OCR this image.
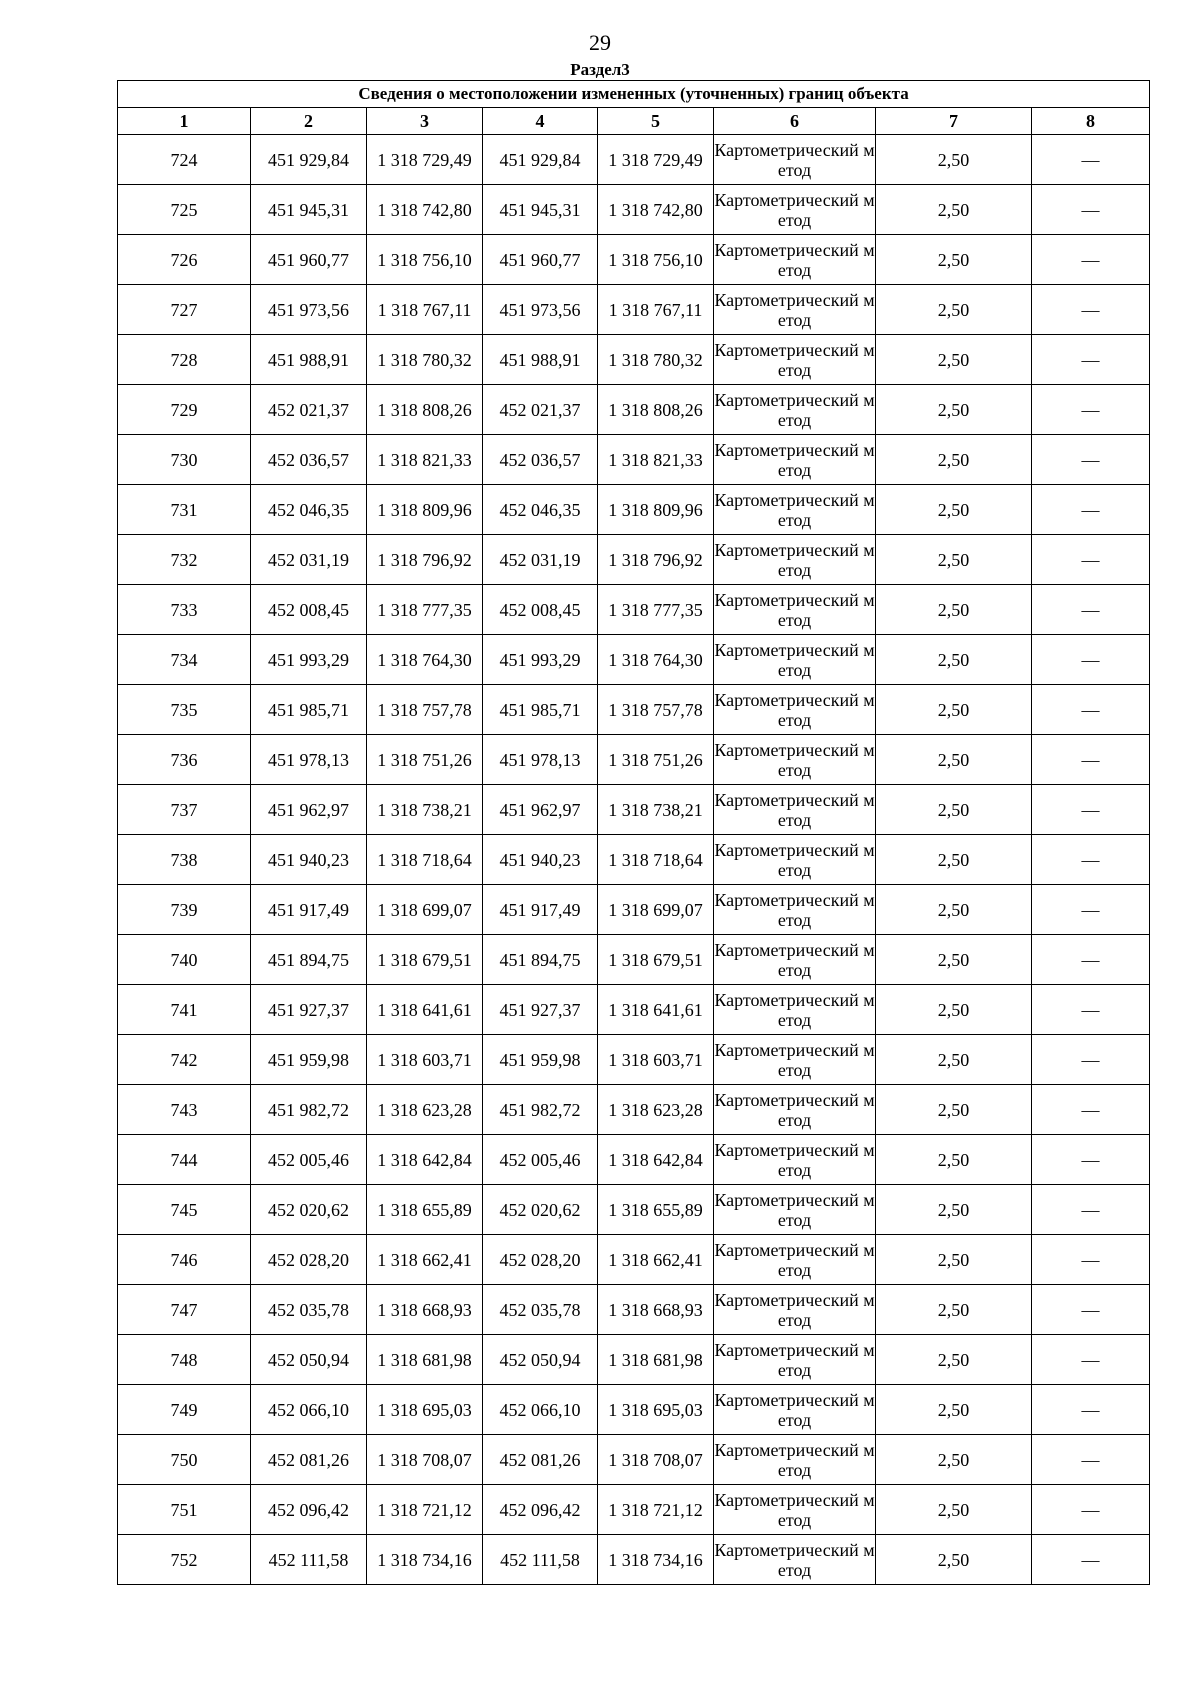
29
Раздел3
Сведения о местоположении измененных (уточненных) границ объекта							
1	2	3	4	5	6	7	8
724	451 929,84	1 318 729,49	451 929,84	1 318 729,49	Картометрический метод	2,50	—
725	451 945,31	1 318 742,80	451 945,31	1 318 742,80	Картометрический метод	2,50	—
726	451 960,77	1 318 756,10	451 960,77	1 318 756,10	Картометрический метод	2,50	—
727	451 973,56	1 318 767,11	451 973,56	1 318 767,11	Картометрический метод	2,50	—
728	451 988,91	1 318 780,32	451 988,91	1 318 780,32	Картометрический метод	2,50	—
729	452 021,37	1 318 808,26	452 021,37	1 318 808,26	Картометрический метод	2,50	—
730	452 036,57	1 318 821,33	452 036,57	1 318 821,33	Картометрический метод	2,50	—
731	452 046,35	1 318 809,96	452 046,35	1 318 809,96	Картометрический метод	2,50	—
732	452 031,19	1 318 796,92	452 031,19	1 318 796,92	Картометрический метод	2,50	—
733	452 008,45	1 318 777,35	452 008,45	1 318 777,35	Картометрический метод	2,50	—
734	451 993,29	1 318 764,30	451 993,29	1 318 764,30	Картометрический метод	2,50	—
735	451 985,71	1 318 757,78	451 985,71	1 318 757,78	Картометрический метод	2,50	—
736	451 978,13	1 318 751,26	451 978,13	1 318 751,26	Картометрический метод	2,50	—
737	451 962,97	1 318 738,21	451 962,97	1 318 738,21	Картометрический метод	2,50	—
738	451 940,23	1 318 718,64	451 940,23	1 318 718,64	Картометрический метод	2,50	—
739	451 917,49	1 318 699,07	451 917,49	1 318 699,07	Картометрический метод	2,50	—
740	451 894,75	1 318 679,51	451 894,75	1 318 679,51	Картометрический метод	2,50	—
741	451 927,37	1 318 641,61	451 927,37	1 318 641,61	Картометрический метод	2,50	—
742	451 959,98	1 318 603,71	451 959,98	1 318 603,71	Картометрический метод	2,50	—
743	451 982,72	1 318 623,28	451 982,72	1 318 623,28	Картометрический метод	2,50	—
744	452 005,46	1 318 642,84	452 005,46	1 318 642,84	Картометрический метод	2,50	—
745	452 020,62	1 318 655,89	452 020,62	1 318 655,89	Картометрический метод	2,50	—
746	452 028,20	1 318 662,41	452 028,20	1 318 662,41	Картометрический метод	2,50	—
747	452 035,78	1 318 668,93	452 035,78	1 318 668,93	Картометрический метод	2,50	—
748	452 050,94	1 318 681,98	452 050,94	1 318 681,98	Картометрический метод	2,50	—
749	452 066,10	1 318 695,03	452 066,10	1 318 695,03	Картометрический метод	2,50	—
750	452 081,26	1 318 708,07	452 081,26	1 318 708,07	Картометрический метод	2,50	—
751	452 096,42	1 318 721,12	452 096,42	1 318 721,12	Картометрический метод	2,50	—
752	452 111,58	1 318 734,16	452 111,58	1 318 734,16	Картометрический метод	2,50	—
